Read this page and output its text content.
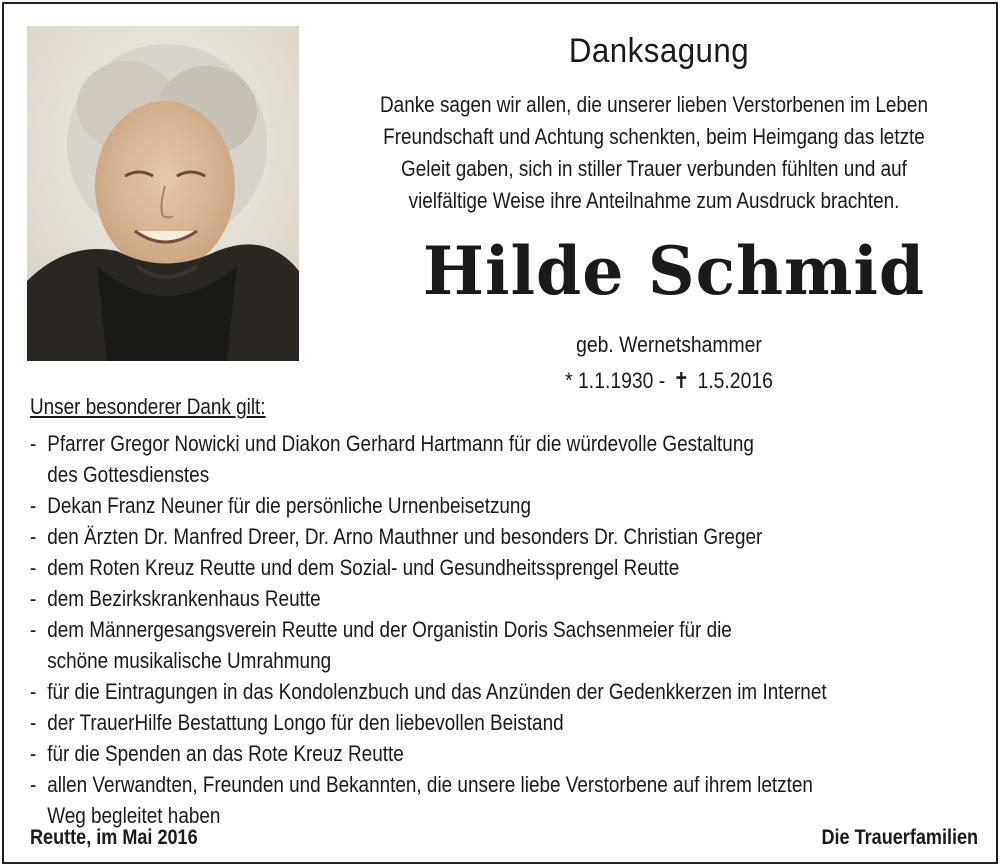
Danksagung
Danke sagen wir allen, die unserer lieben Verstorbenen im Leben
Freundschaft und Achtung schenkten, beim Heimgang das letzte
Geleit gaben, sich in stiller Trauer verbunden fühlten und auf
vielfältige Weise ihre Anteilnahme zum Ausdruck brachten.
Hilde Schmid
geb. Wernetshammer
* 1.1.1930 - ✝ 1.5.2016
Unser besonderer Dank gilt:
- Pfarrer Gregor Nowicki und Diakon Gerhard Hartmann für die würdevolle Gestaltung
des Gottesdienstes
- Dekan Franz Neuner für die persönliche Urnenbeisetzung
- den Ärzten Dr. Manfred Dreer, Dr. Arno Mauthner und besonders Dr. Christian Greger
- dem Roten Kreuz Reutte und dem Sozial- und Gesundheitssprengel Reutte
- dem Bezirkskrankenhaus Reutte
- dem Männergesangsverein Reutte und der Organistin Doris Sachsenmeier für die
schöne musikalische Umrahmung
- für die Eintragungen in das Kondolenzbuch und das Anzünden der Gedenkkerzen im Internet
- der TrauerHilfe Bestattung Longo für den liebevollen Beistand
- für die Spenden an das Rote Kreuz Reutte
- allen Verwandten, Freunden und Bekannten, die unsere liebe Verstorbene auf ihrem letzten
Weg begleitet haben
Reutte, im Mai 2016	Die Trauerfamilien
